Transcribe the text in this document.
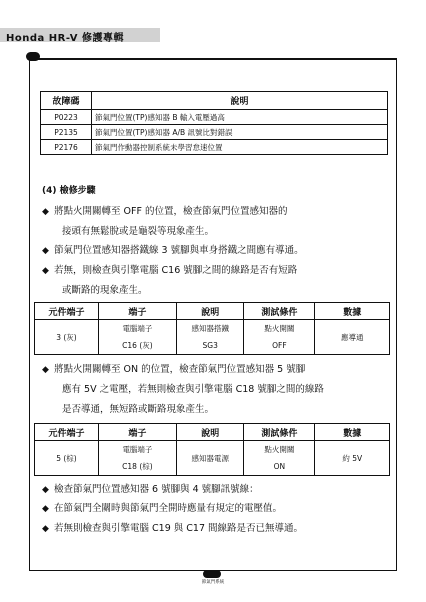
Honda HR-V 修護專輯
故障碼	說明
P0223	節氣門位置(TP)感知器 B 輸入電壓過高
P2135	節氣門位置(TP)感知器 A/B 訊號比對錯誤
P2176	節氣門作動器控制系統未學習怠速位置
(4) 檢修步驟
◆ 將點火開關轉至 OFF 的位置，檢查節氣門位置感知器的
接頭有無鬆脫或是龜裂等現象產生。
◆ 節氣門位置感知器搭鐵線 3 號腳與車身搭鐵之間應有導通。
◆ 若無，則檢查與引擎電腦 C16 號腳之間的線路是否有短路
或斷路的現象產生。
元件端子	端子	說明	測試條件	數據
3 (灰)	電腦端子	感知器搭鐵	點火開關	應導通
	C16 (灰)	SG3	OFF	
◆ 將點火開關轉至 ON 的位置，檢查節氣門位置感知器 5 號腳
應有 5V 之電壓，若無則檢查與引擎電腦 C18 號腳之間的線路
是否導通，無短路或斷路現象產生。
元件端子	端子	說明	測試條件	數據
5 (棕)	電腦端子	感知器電源	點火開關	約 5V
	C18 (棕)		ON	
◆ 檢查節氣門位置感知器 6 號腳與 4 號腳訊號線：
◆ 在節氣門全關時與節氣門全開時應量有規定的電壓值。
◆ 若無則檢查與引擎電腦 C19 與 C17 間線路是否已無導通。
節氣門系統
